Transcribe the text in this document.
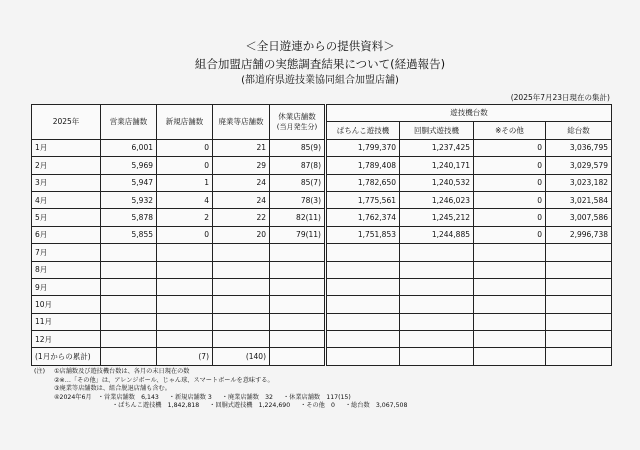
＜全日遊連からの提供資料＞
組合加盟店舗の実態調査結果について(経過報告)
(都道府県遊技業協同組合加盟店舗)
(2025年7月23日現在の集計)
2025年	営業店舗数	新規店舗数	廃業等店舗数	休業店舗数
(当月発生分)	遊技機台数			
					ぱちんこ遊技機	回胴式遊技機	※その他	総台数
1月	6,001	0	21	85(9)	1,799,370	1,237,425	0	3,036,795
2月	5,969	0	29	87(8)	1,789,408	1,240,171	0	3,029,579
3月	5,947	1	24	85(7)	1,782,650	1,240,532	0	3,023,182
4月	5,932	4	24	78(3)	1,775,561	1,246,023	0	3,021,584
5月	5,878	2	22	82(11)	1,762,374	1,245,212	0	3,007,586
6月	5,855	0	20	79(11)	1,751,853	1,244,885	0	2,996,738
7月								
8月								
9月								
10月								
11月								
12月								
(1月からの累計)		(7)	(140)					
(注)	①店舗数及び遊技機台数は、各月の末日現在の数
②※…「その他」は、アレンジボール、じゃん球、スマートボールを意味する。
③廃業等店舗数は、組合脱退店舗も含む。
④2024年6月　・営業店舗数　6,143 ・新規店舗数 3 ・廃業店舗数　32 ・休業店舗数　117(15)
・ぱちんこ遊技機　1,842,818 ・回胴式遊技機　1,224,690 ・その他　0 ・総台数　3,067,508
